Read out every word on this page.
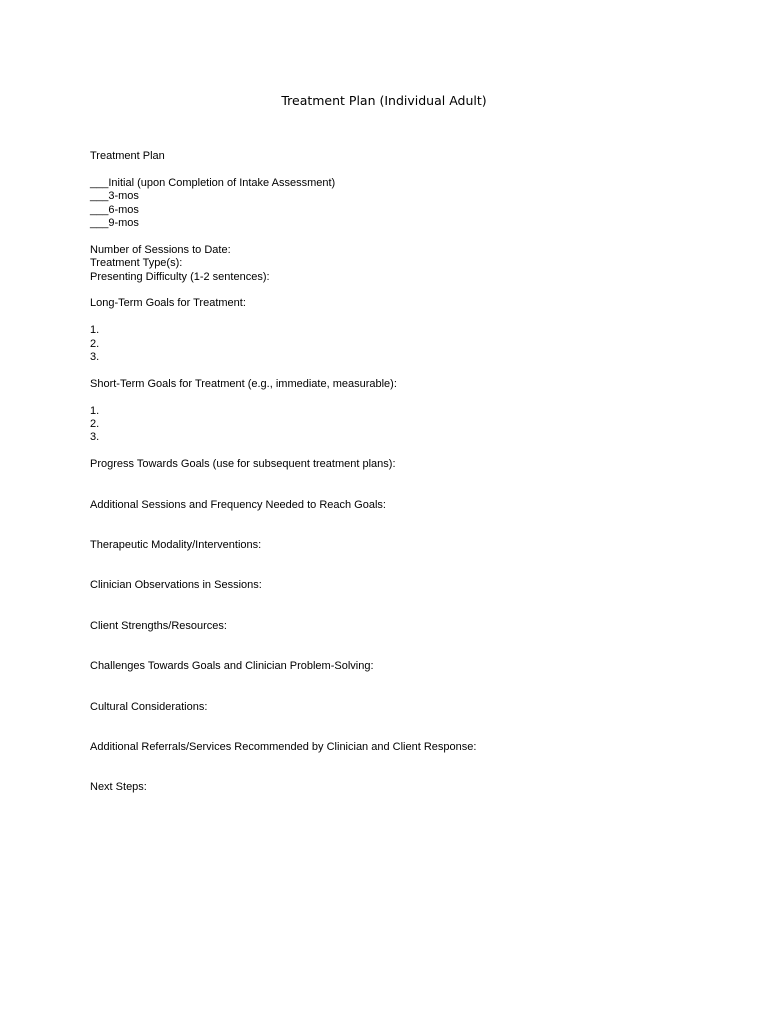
Treatment Plan (Individual Adult)
Treatment Plan
___Initial (upon Completion of Intake Assessment)
___3-mos
___6-mos
___9-mos
Number of Sessions to Date:
Treatment Type(s):
Presenting Difficulty (1-2 sentences):
Long-Term Goals for Treatment:
1.
2.
3.
Short-Term Goals for Treatment (e.g., immediate, measurable):
1.
2.
3.
Progress Towards Goals (use for subsequent treatment plans):
Additional Sessions and Frequency Needed to Reach Goals:
Therapeutic Modality/Interventions:
Clinician Observations in Sessions:
Client Strengths/Resources:
Challenges Towards Goals and Clinician Problem-Solving:
Cultural Considerations:
Additional Referrals/Services Recommended by Clinician and Client Response:
Next Steps:
